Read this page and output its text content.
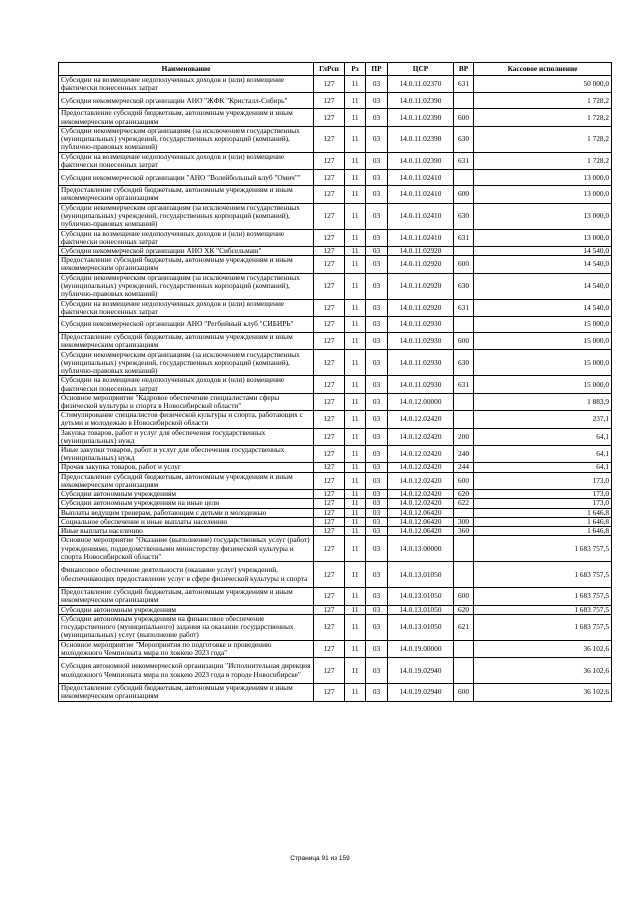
Наименование	ГлРсп	Рз	ПР	ЦСР	ВР	Кассовое исполнение
Субсидии на возмещение недополученных доходов и (или) возмещение фактически понесенных затрат	127	11	03	14.0.11.02370	631	50 000,0
Субсидия некоммерческой организации АНО "ЖФК "Кристалл-Сибирь"	127	11	03	14.0.11.02390		1 728,2
Предоставление субсидий бюджетным, автономным учреждениям и иным некоммерческим организациям	127	11	03	14.0.11.02390	600	1 728,2
Субсидии некоммерческим организациям (за исключением государственных (муниципальных) учреждений, государственных корпораций (компаний), публично-правовых компаний)	127	11	03	14.0.11.02390	630	1 728,2
Субсидии на возмещение недополученных доходов и (или) возмещение фактически понесенных затрат	127	11	03	14.0.11.02390	631	1 728,2
Субсидия некоммерческой организации "АНО "Волейбольный клуб "Омич""	127	11	03	14.0.11.02410		13 000,0
Предоставление субсидий бюджетным, автономным учреждениям и иным некоммерческим организациям	127	11	03	14.0.11.02410	600	13 000,0
Субсидии некоммерческим организациям (за исключением государственных (муниципальных) учреждений, государственных корпораций (компаний), публично-правовых компаний)	127	11	03	14.0.11.02410	630	13 000,0
Субсидии на возмещение недополученных доходов и (или) возмещение фактически понесенных затрат	127	11	03	14.0.11.02410	631	13 000,0
Субсидия некоммерческой организации АНО ХК "Сибсельмаш"	127	11	03	14.0.11.02920		14 540,0
Предоставление субсидий бюджетным, автономным учреждениям и иным некоммерческим организациям	127	11	03	14.0.11.02920	600	14 540,0
Субсидии некоммерческим организациям (за исключением государственных (муниципальных) учреждений, государственных корпораций (компаний), публично-правовых компаний)	127	11	03	14.0.11.02920	630	14 540,0
Субсидии на возмещение недополученных доходов и (или) возмещение фактически понесенных затрат	127	11	03	14.0.11.02920	631	14 540,0
Субсидия некоммерческой организации АНО "Регбийный клуб "СИБИРЬ"	127	11	03	14.0.11.02930		15 000,0
Предоставление субсидий бюджетным, автономным учреждениям и иным некоммерческим организациям	127	11	03	14.0.11.02930	600	15 000,0
Субсидии некоммерческим организациям (за исключением государственных (муниципальных) учреждений, государственных корпораций (компаний), публично-правовых компаний)	127	11	03	14.0.11.02930	630	15 000,0
Субсидии на возмещение недополученных доходов и (или) возмещение фактически понесенных затрат	127	11	03	14.0.11.02930	631	15 000,0
Основное мероприятие "Кадровое обеспечение специалистами сферы физической культуры и спорта в Новосибирской области"	127	11	03	14.0.12.00000		1 883,9
Стимулирование специалистов физической культуры и спорта, работающих с детьми и молодежью в Новосибирской области	127	11	03	14.0.12.02420		237,1
Закупка товаров, работ и услуг для обеспечения государственных (муниципальных) нужд	127	11	03	14.0.12.02420	200	64,1
Иные закупки товаров, работ и услуг для обеспечения государственных (муниципальных) нужд	127	11	03	14.0.12.02420	240	64,1
Прочая закупка товаров, работ и услуг	127	11	03	14.0.12.02420	244	64,1
Предоставление субсидий бюджетным, автономным учреждениям и иным некоммерческим организациям	127	11	03	14.0.12.02420	600	173,0
Субсидии автономным учреждениям	127	11	03	14.0.12.02420	620	173,0
Субсидии автономным учреждениям на иные цели	127	11	03	14.0.12.02420	622	173,0
Выплаты ведущим тренерам, работающим с детьми и молодежью	127	11	03	14.0.12.06420		1 646,8
Социальное обеспечение и иные выплаты населению	127	11	03	14.0.12.06420	300	1 646,8
Иные выплаты населению	127	11	03	14.0.12.06420	360	1 646,8
Основное мероприятие "Оказание (выполнение) государственных услуг (работ) учреждениями, подведомственными министерству физической культуры и спорта Новосибирской области"	127	11	03	14.0.13.00000		1 683 757,5
Финансовое обеспечение деятельности (оказание услуг) учреждений, обеспечивающих предоставление услуг в сфере физической культуры и спорта	127	11	03	14.0.13.01050		1 683 757,5
Предоставление субсидий бюджетным, автономным учреждениям и иным некоммерческим организациям	127	11	03	14.0.13.01050	600	1 683 757,5
Субсидии автономным учреждениям	127	11	03	14.0.13.01050	620	1 683 757,5
Субсидии автономным учреждениям на финансовое обеспечение государственного (муниципального) задания на оказание государственных (муниципальных) услуг (выполнение работ)	127	11	03	14.0.13.01050	621	1 683 757,5
Основное мероприятие "Мероприятия по подготовке и проведению молодежного Чемпионата мира по хоккею 2023 года"	127	11	03	14.0.19.00000		36 102,6
Субсидия автономной некоммерческой организации "Исполнительная дирекция молодежного Чемпионата мира по хоккею 2023 года в городе Новосибирске"	127	11	03	14.0.19.02940		36 102,6
Предоставление субсидий бюджетным, автономным учреждениям и иным некоммерческим организациям	127	11	03	14.0.19.02940	600	36 102,6
Страница 91 из 159
